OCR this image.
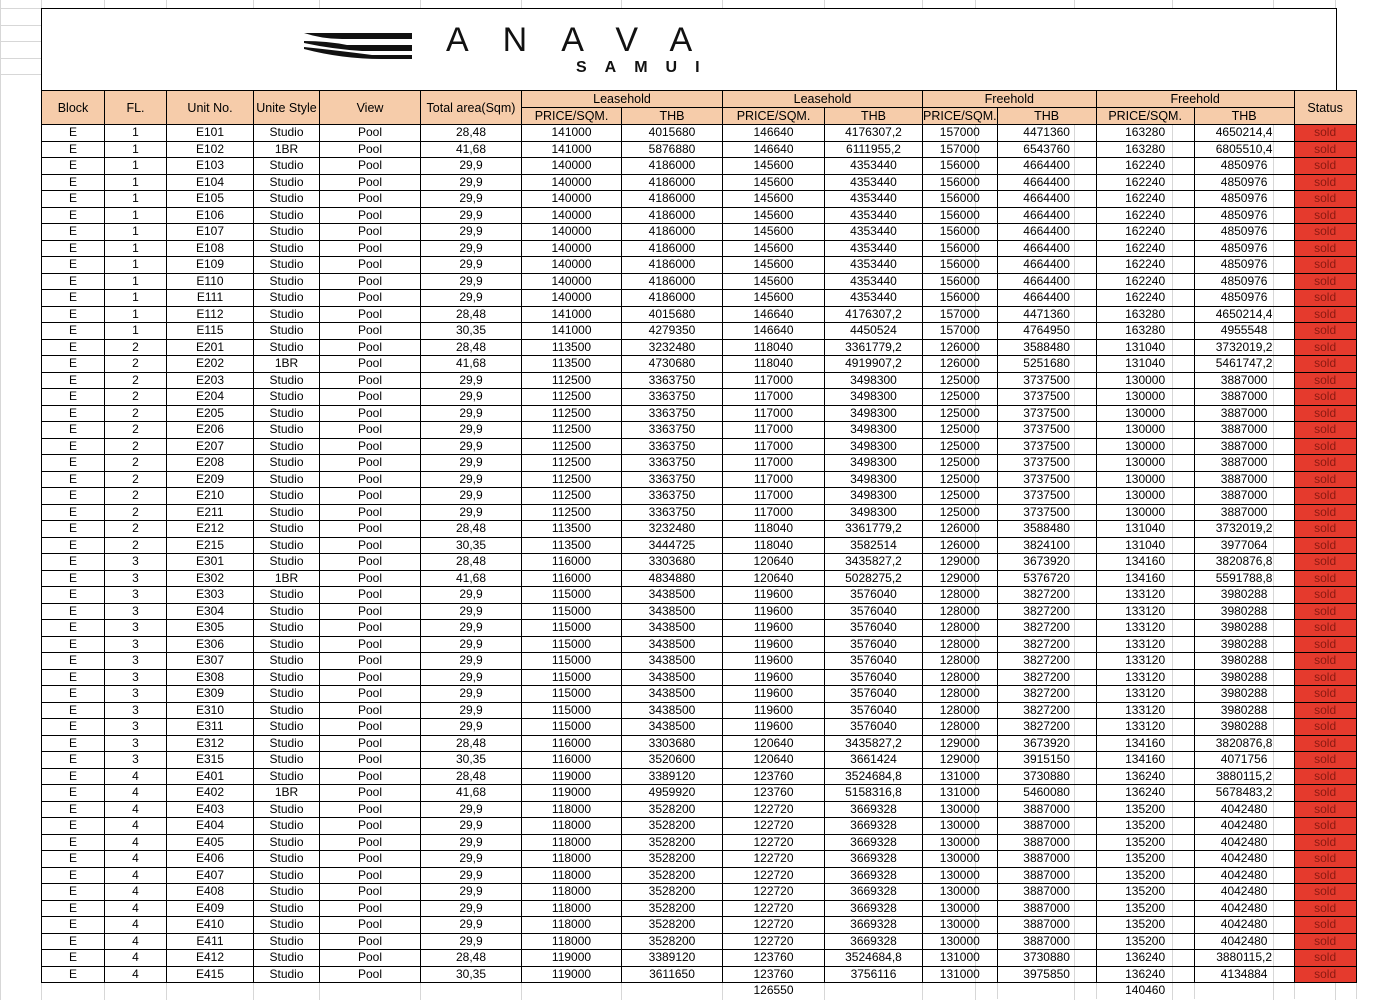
ANAVA
SAMUI
Block	FL.	Unit No.	Unite Style	View	Total area(Sqm)	Leasehold		Leasehold		Freehold		Freehold		Status
						PRICE/SQM.	THB	PRICE/SQM.	THB	PRICE/SQM.	THB	PRICE/SQM.	THB	
E	1	E101	Studio	Pool	28,48	141000	4015680	146640	4176307,2	157000	4471360	163280	4650214,4	sold
E	1	E102	1BR	Pool	41,68	141000	5876880	146640	6111955,2	157000	6543760	163280	6805510,4	sold
E	1	E103	Studio	Pool	29,9	140000	4186000	145600	4353440	156000	4664400	162240	4850976	sold
E	1	E104	Studio	Pool	29,9	140000	4186000	145600	4353440	156000	4664400	162240	4850976	sold
E	1	E105	Studio	Pool	29,9	140000	4186000	145600	4353440	156000	4664400	162240	4850976	sold
E	1	E106	Studio	Pool	29,9	140000	4186000	145600	4353440	156000	4664400	162240	4850976	sold
E	1	E107	Studio	Pool	29,9	140000	4186000	145600	4353440	156000	4664400	162240	4850976	sold
E	1	E108	Studio	Pool	29,9	140000	4186000	145600	4353440	156000	4664400	162240	4850976	sold
E	1	E109	Studio	Pool	29,9	140000	4186000	145600	4353440	156000	4664400	162240	4850976	sold
E	1	E110	Studio	Pool	29,9	140000	4186000	145600	4353440	156000	4664400	162240	4850976	sold
E	1	E111	Studio	Pool	29,9	140000	4186000	145600	4353440	156000	4664400	162240	4850976	sold
E	1	E112	Studio	Pool	28,48	141000	4015680	146640	4176307,2	157000	4471360	163280	4650214,4	sold
E	1	E115	Studio	Pool	30,35	141000	4279350	146640	4450524	157000	4764950	163280	4955548	sold
E	2	E201	Studio	Pool	28,48	113500	3232480	118040	3361779,2	126000	3588480	131040	3732019,2	sold
E	2	E202	1BR	Pool	41,68	113500	4730680	118040	4919907,2	126000	5251680	131040	5461747,2	sold
E	2	E203	Studio	Pool	29,9	112500	3363750	117000	3498300	125000	3737500	130000	3887000	sold
E	2	E204	Studio	Pool	29,9	112500	3363750	117000	3498300	125000	3737500	130000	3887000	sold
E	2	E205	Studio	Pool	29,9	112500	3363750	117000	3498300	125000	3737500	130000	3887000	sold
E	2	E206	Studio	Pool	29,9	112500	3363750	117000	3498300	125000	3737500	130000	3887000	sold
E	2	E207	Studio	Pool	29,9	112500	3363750	117000	3498300	125000	3737500	130000	3887000	sold
E	2	E208	Studio	Pool	29,9	112500	3363750	117000	3498300	125000	3737500	130000	3887000	sold
E	2	E209	Studio	Pool	29,9	112500	3363750	117000	3498300	125000	3737500	130000	3887000	sold
E	2	E210	Studio	Pool	29,9	112500	3363750	117000	3498300	125000	3737500	130000	3887000	sold
E	2	E211	Studio	Pool	29,9	112500	3363750	117000	3498300	125000	3737500	130000	3887000	sold
E	2	E212	Studio	Pool	28,48	113500	3232480	118040	3361779,2	126000	3588480	131040	3732019,2	sold
E	2	E215	Studio	Pool	30,35	113500	3444725	118040	3582514	126000	3824100	131040	3977064	sold
E	3	E301	Studio	Pool	28,48	116000	3303680	120640	3435827,2	129000	3673920	134160	3820876,8	sold
E	3	E302	1BR	Pool	41,68	116000	4834880	120640	5028275,2	129000	5376720	134160	5591788,8	sold
E	3	E303	Studio	Pool	29,9	115000	3438500	119600	3576040	128000	3827200	133120	3980288	sold
E	3	E304	Studio	Pool	29,9	115000	3438500	119600	3576040	128000	3827200	133120	3980288	sold
E	3	E305	Studio	Pool	29,9	115000	3438500	119600	3576040	128000	3827200	133120	3980288	sold
E	3	E306	Studio	Pool	29,9	115000	3438500	119600	3576040	128000	3827200	133120	3980288	sold
E	3	E307	Studio	Pool	29,9	115000	3438500	119600	3576040	128000	3827200	133120	3980288	sold
E	3	E308	Studio	Pool	29,9	115000	3438500	119600	3576040	128000	3827200	133120	3980288	sold
E	3	E309	Studio	Pool	29,9	115000	3438500	119600	3576040	128000	3827200	133120	3980288	sold
E	3	E310	Studio	Pool	29,9	115000	3438500	119600	3576040	128000	3827200	133120	3980288	sold
E	3	E311	Studio	Pool	29,9	115000	3438500	119600	3576040	128000	3827200	133120	3980288	sold
E	3	E312	Studio	Pool	28,48	116000	3303680	120640	3435827,2	129000	3673920	134160	3820876,8	sold
E	3	E315	Studio	Pool	30,35	116000	3520600	120640	3661424	129000	3915150	134160	4071756	sold
E	4	E401	Studio	Pool	28,48	119000	3389120	123760	3524684,8	131000	3730880	136240	3880115,2	sold
E	4	E402	1BR	Pool	41,68	119000	4959920	123760	5158316,8	131000	5460080	136240	5678483,2	sold
E	4	E403	Studio	Pool	29,9	118000	3528200	122720	3669328	130000	3887000	135200	4042480	sold
E	4	E404	Studio	Pool	29,9	118000	3528200	122720	3669328	130000	3887000	135200	4042480	sold
E	4	E405	Studio	Pool	29,9	118000	3528200	122720	3669328	130000	3887000	135200	4042480	sold
E	4	E406	Studio	Pool	29,9	118000	3528200	122720	3669328	130000	3887000	135200	4042480	sold
E	4	E407	Studio	Pool	29,9	118000	3528200	122720	3669328	130000	3887000	135200	4042480	sold
E	4	E408	Studio	Pool	29,9	118000	3528200	122720	3669328	130000	3887000	135200	4042480	sold
E	4	E409	Studio	Pool	29,9	118000	3528200	122720	3669328	130000	3887000	135200	4042480	sold
E	4	E410	Studio	Pool	29,9	118000	3528200	122720	3669328	130000	3887000	135200	4042480	sold
E	4	E411	Studio	Pool	29,9	118000	3528200	122720	3669328	130000	3887000	135200	4042480	sold
E	4	E412	Studio	Pool	28,48	119000	3389120	123760	3524684,8	131000	3730880	136240	3880115,2	sold
E	4	E415	Studio	Pool	30,35	119000	3611650	123760	3756116	131000	3975850	136240	4134884	sold
								126550				140460		
